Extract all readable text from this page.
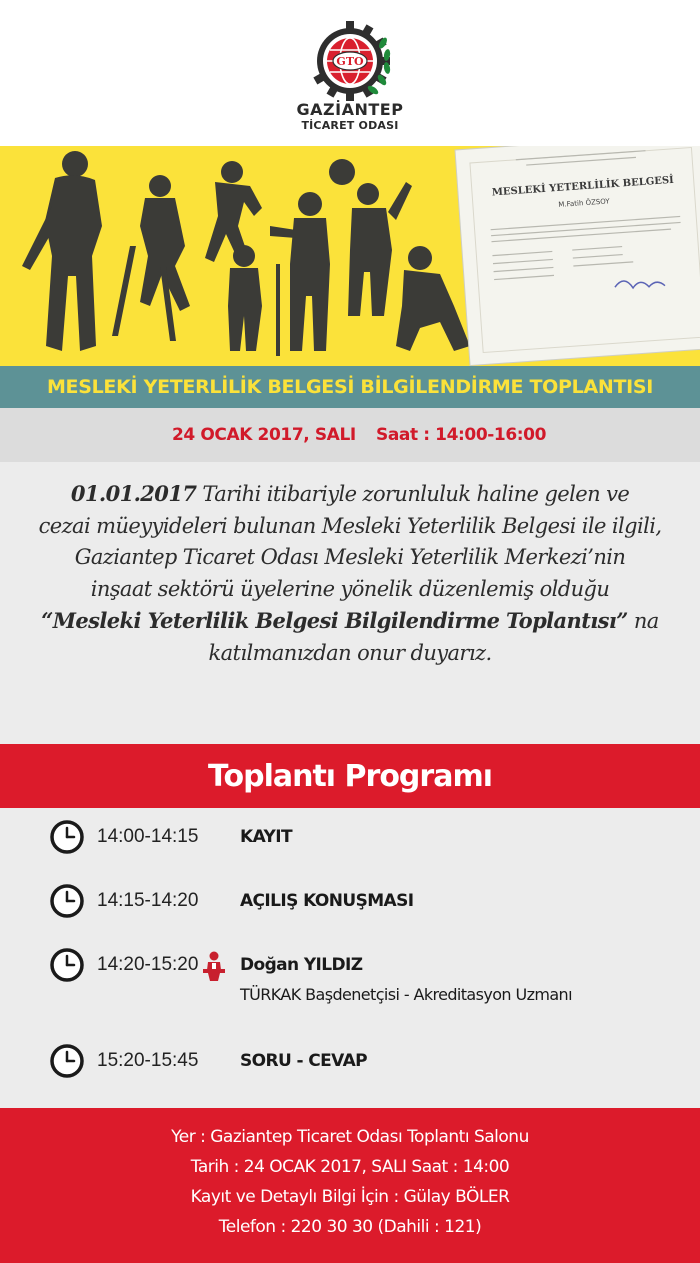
GTO
GAZİANTEP
TİCARET ODASI
MESLEKİ YETERLİLİK BELGESİ
M.Fatih ÖZSOY
MESLEKİ YETERLİLİK BELGESİ BİLGİLENDİRME TOPLANTISI
24 OCAK 2017, SALI Saat : 14:00-16:00
01.01.2017 Tarihi itibariyle zorunluluk haline gelen ve
cezai müeyyideleri bulunan Mesleki Yeterlilik Belgesi ile ilgili,
Gaziantep Ticaret Odası Mesleki Yeterlilik Merkezi’nin
inşaat sektörü üyelerine yönelik düzenlemiş olduğu
“Mesleki Yeterlilik Belgesi Bilgilendirme Toplantısı” na
katılmanızdan onur duyarız.
Toplantı Programı
14:00-14:15 KAYIT
14:15-14:20 AÇILIŞ KONUŞMASI
14:20-15:20 Doğan YILDIZ
TÜRKAK Başdenetçisi - Akreditasyon Uzmanı
15:20-15:45 SORU - CEVAP
Yer : Gaziantep Ticaret Odası Toplantı Salonu
Tarih : 24 OCAK 2017, SALI Saat : 14:00
Kayıt ve Detaylı Bilgi İçin : Gülay BÖLER
Telefon : 220 30 30 (Dahili : 121)
